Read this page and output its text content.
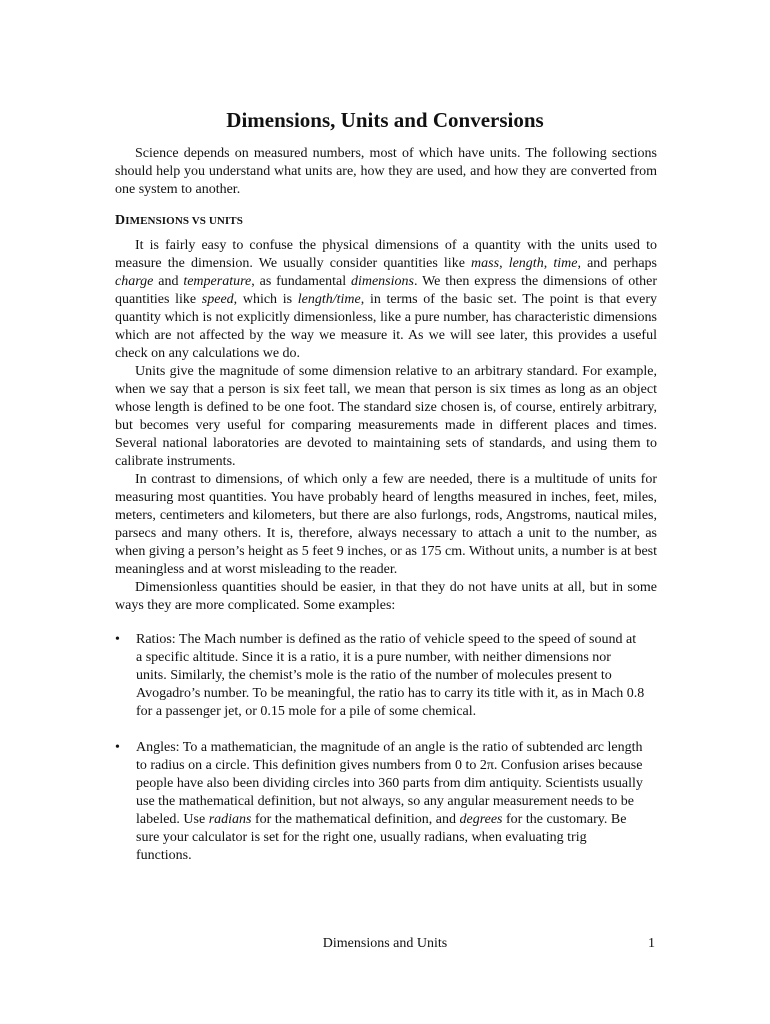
Dimensions, Units and Conversions

Science depends on measured numbers, most of which have units. The following sections should help you understand what units are, how they are used, and how they are converted from one system to another.

DIMENSIONS VS UNITS

It is fairly easy to confuse the physical dimensions of a quantity with the units used to measure the dimension. We usually consider quantities like mass, length, time, and perhaps charge and temperature, as fundamental dimensions. We then express the dimensions of other quantities like speed, which is length/time, in terms of the basic set. The point is that every quantity which is not explicitly dimensionless, like a pure number, has characteristic dimensions which are not affected by the way we measure it. As we will see later, this provides a useful check on any calculations we do.

Units give the magnitude of some dimension relative to an arbitrary standard. For example, when we say that a person is six feet tall, we mean that person is six times as long as an object whose length is defined to be one foot. The standard size chosen is, of course, entirely arbitrary, but becomes very useful for comparing measurements made in different places and times. Several national laboratories are devoted to maintaining sets of standards, and using them to calibrate instruments.

In contrast to dimensions, of which only a few are needed, there is a multitude of units for measuring most quantities. You have probably heard of lengths measured in inches, feet, miles, meters, centimeters and kilometers, but there are also furlongs, rods, Angstroms, nautical miles, parsecs and many others. It is, therefore, always necessary to attach a unit to the number, as when giving a person’s height as 5 feet 9 inches, or as 175 cm. Without units, a number is at best meaningless and at worst misleading to the reader.

Dimensionless quantities should be easier, in that they do not have units at all, but in some ways they are more complicated. Some examples:

• Ratios: The Mach number is defined as the ratio of vehicle speed to the speed of sound at a specific altitude. Since it is a ratio, it is a pure number, with neither dimensions nor units. Similarly, the chemist’s mole is the ratio of the number of molecules present to Avogadro’s number. To be meaningful, the ratio has to carry its title with it, as in Mach 0.8 for a passenger jet, or 0.15 mole for a pile of some chemical.
• Angles: To a mathematician, the magnitude of an angle is the ratio of subtended arc length to radius on a circle. This definition gives numbers from 0 to 2π. Confusion arises because people have also been dividing circles into 360 parts from dim antiquity. Scientists usually use the mathematical definition, but not always, so any angular measurement needs to be labeled. Use radians for the mathematical definition, and degrees for the customary. Be sure your calculator is set for the right one, usually radians, when evaluating trig functions.
Dimensions and Units	1
